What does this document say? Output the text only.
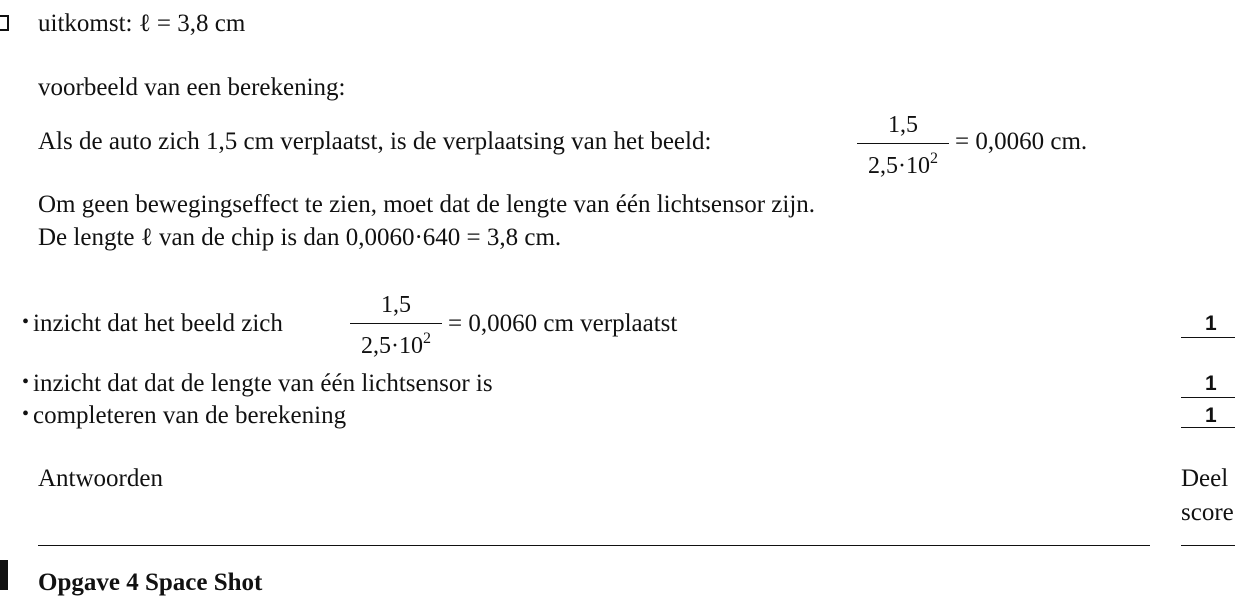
uitkomst: ℓ = 3,8 cm
voorbeeld van een berekening:
Als de auto zich 1,5 cm verplaatst, is de verplaatsing van het beeld:
1,5
$2,5\cdot 10^2$
= 0,0060 cm.
Om geen bewegingseffect te zien, moet dat de lengte van één lichtsensor zijn.
De lengte ℓ van de chip is dan 0,0060·640 = 3,8 cm.
• inzicht dat het beeld zich
1,5
$2,5\cdot 10^2$
= 0,0060 cm verplaatst	1
• inzicht dat dat de lengte van één lichtsensor is	1
• completeren van de berekening	1
Antwoorden	Deel
score
Opgave 4 Space Shot
